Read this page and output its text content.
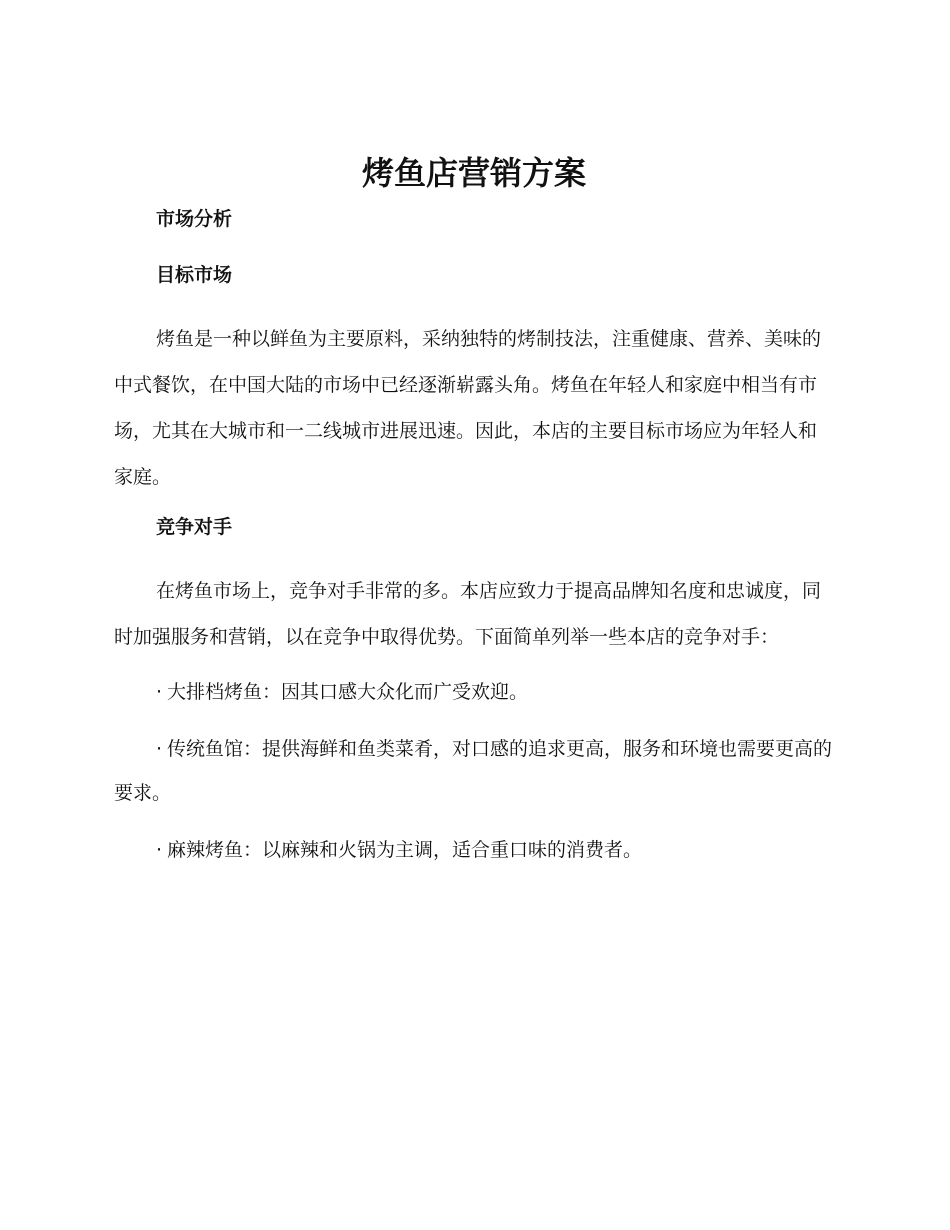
烤鱼店营销方案
市场分析
目标市场

烤鱼是一种以鲜鱼为主要原料，采纳独特的烤制技法，注重健康、营养、美味的中式餐饮，在中国大陆的市场中已经逐渐崭露头角。烤鱼在年轻人和家庭中相当有市场，尤其在大城市和一二线城市进展迅速。因此，本店的主要目标市场应为年轻人和家庭。

竞争对手

在烤鱼市场上，竞争对手非常的多。本店应致力于提高品牌知名度和忠诚度，同时加强服务和营销，以在竞争中取得优势。下面简单列举一些本店的竞争对手：

· 大排档烤鱼：因其口感大众化而广受欢迎。
· 传统鱼馆：提供海鲜和鱼类菜肴，对口感的追求更高，服务和环境也需要更高的要求。
· 麻辣烤鱼：以麻辣和火锅为主调，适合重口味的消费者。
